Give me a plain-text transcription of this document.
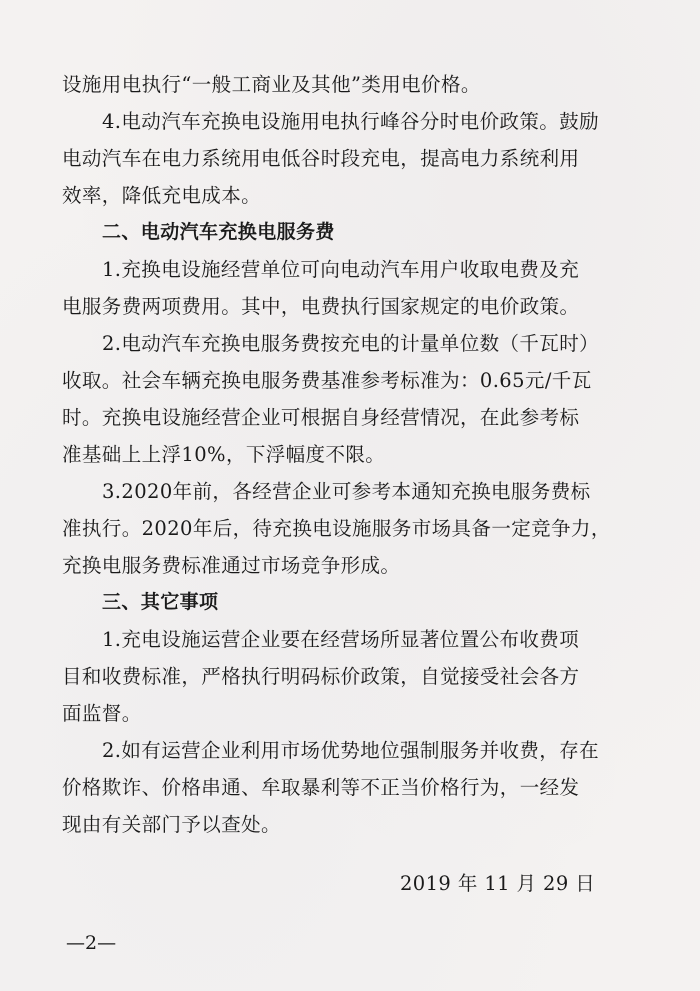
设施用电执行“一般工商业及其他”类用电价格。
4.电动汽车充换电设施用电执行峰谷分时电价政策。鼓励
电动汽车在电力系统用电低谷时段充电，提高电力系统利用
效率，降低充电成本。
二、电动汽车充换电服务费
1.充换电设施经营单位可向电动汽车用户收取电费及充
电服务费两项费用。其中，电费执行国家规定的电价政策。
2.电动汽车充换电服务费按充电的计量单位数（千瓦时）
收取。社会车辆充换电服务费基准参考标准为：0.65元/千瓦
时。充换电设施经营企业可根据自身经营情况，在此参考标
准基础上上浮10%，下浮幅度不限。
3.2020年前，各经营企业可参考本通知充换电服务费标
准执行。2020年后，待充换电设施服务市场具备一定竞争力，
充换电服务费标准通过市场竞争形成。
三、其它事项
1.充电设施运营企业要在经营场所显著位置公布收费项
目和收费标准，严格执行明码标价政策，自觉接受社会各方
面监督。
2.如有运营企业利用市场优势地位强制服务并收费，存在
价格欺诈、价格串通、牟取暴利等不正当价格行为，一经发
现由有关部门予以查处。
2019 年 11 月 29 日
—2—
